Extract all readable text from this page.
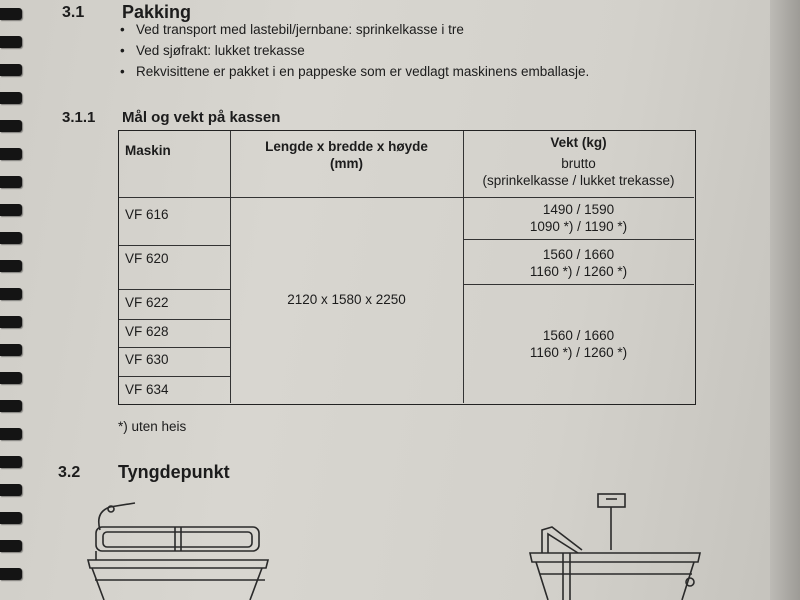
3.1 Pakking
• Ved transport med lastebil/jernbane: sprinkelkasse i tre
• Ved sjøfrakt: lukket trekasse
• Rekvisittene er pakket i en pappeske som er vedlagt maskinens emballasje.
3.1.1 Mål og vekt på kassen
Maskin	Lengde x bredde x høyde
(mm)
Vekt (kg)
brutto
(sprinkelkasse / lukket trekasse)
VF 616
VF 620
VF 622
VF 628
VF 630
VF 634
2120 x 1580 x 2250
1490 / 1590
1090 *) / 1190 *)
1560 / 1660
1160 *) / 1260 *)
1560 / 1660
1160 *) / 1260 *)
*) uten heis
3.2 Tyngdepunkt
